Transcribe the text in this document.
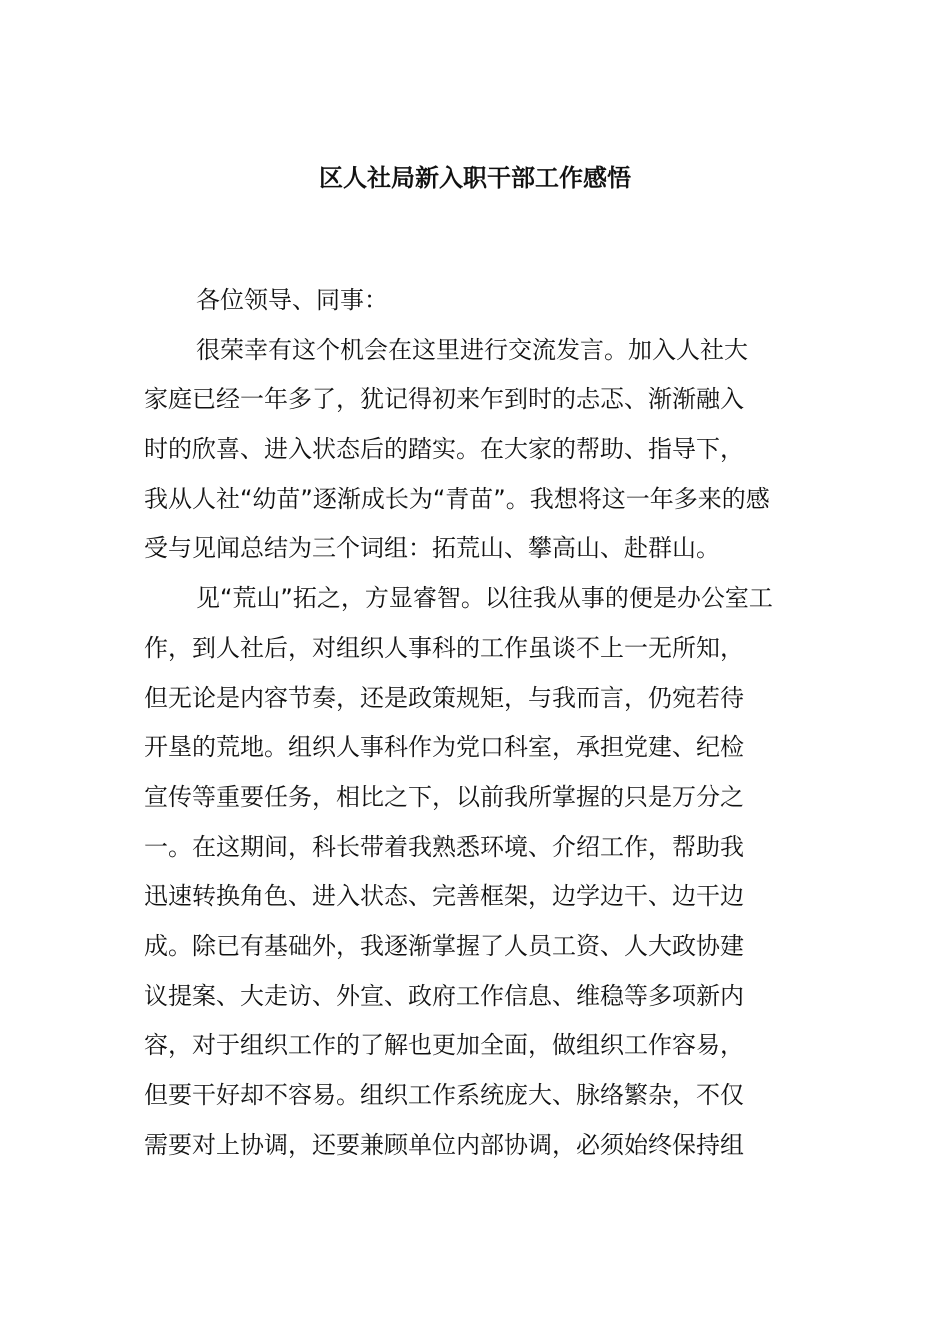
区人社局新入职干部工作感悟
各位领导、同事：
很荣幸有这个机会在这里进行交流发言。加入人社大
家庭已经一年多了，犹记得初来乍到时的忐忑、渐渐融入
时的欣喜、进入状态后的踏实。在大家的帮助、指导下，
我从人社“幼苗”逐渐成长为“青苗”。我想将这一年多来的感
受与见闻总结为三个词组：拓荒山、攀高山、赴群山。
见“荒山”拓之，方显睿智。以往我从事的便是办公室工
作，到人社后，对组织人事科的工作虽谈不上一无所知，
但无论是内容节奏，还是政策规矩，与我而言，仍宛若待
开垦的荒地。组织人事科作为党口科室，承担党建、纪检
宣传等重要任务，相比之下，以前我所掌握的只是万分之
一。在这期间，科长带着我熟悉环境、介绍工作，帮助我
迅速转换角色、进入状态、完善框架，边学边干、边干边
成。除已有基础外，我逐渐掌握了人员工资、人大政协建
议提案、大走访、外宣、政府工作信息、维稳等多项新内
容，对于组织工作的了解也更加全面，做组织工作容易，
但要干好却不容易。组织工作系统庞大、脉络繁杂，不仅
需要对上协调，还要兼顾单位内部协调，必须始终保持组
